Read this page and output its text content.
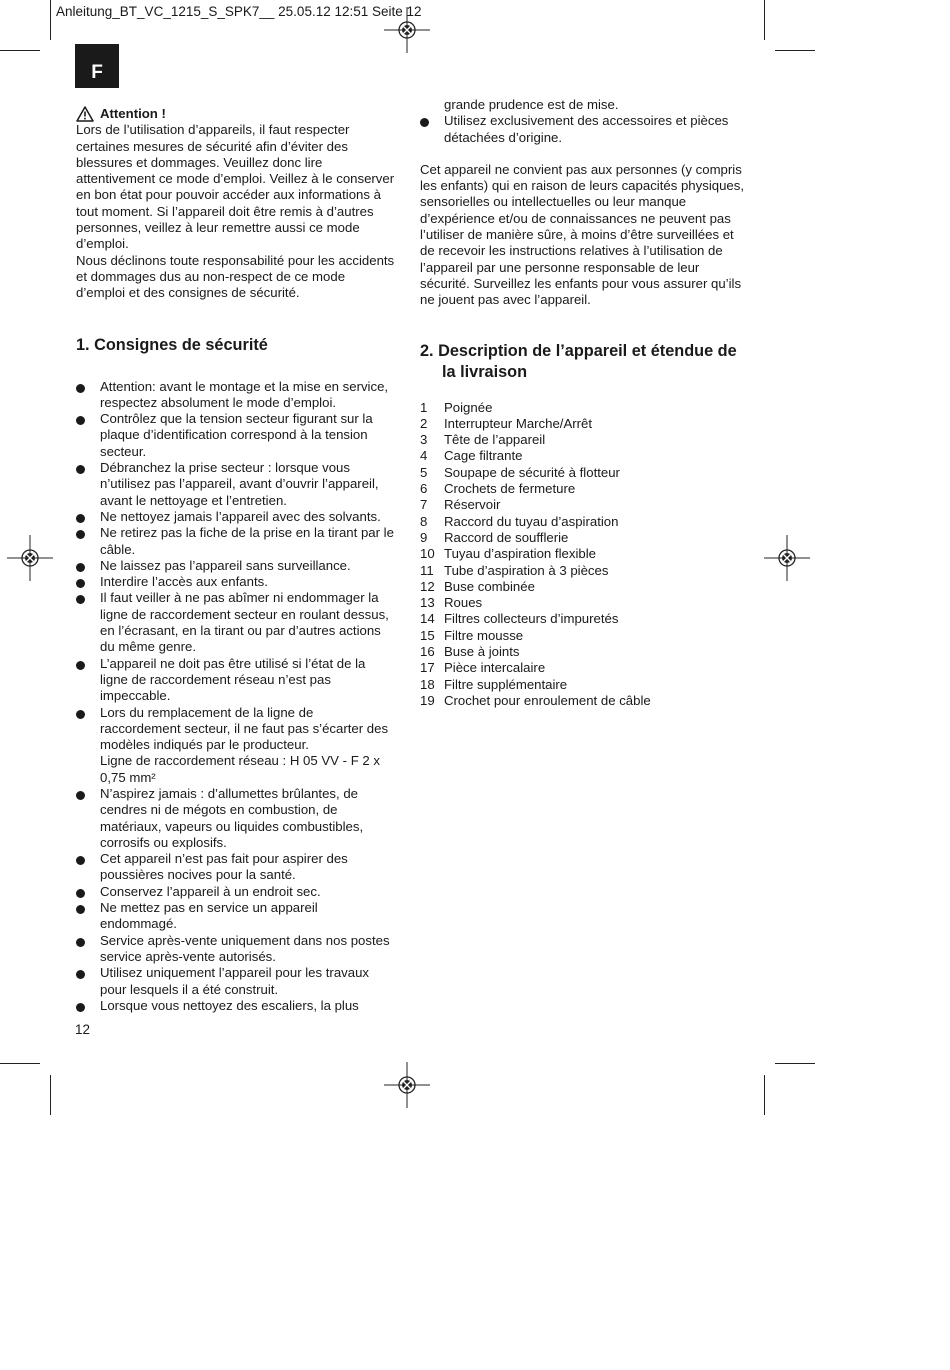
Anleitung_BT_VC_1215_S_SPK7__ 25.05.12 12:51 Seite 12
F
Attention !

Lors de l’utilisation d’appareils, il faut respecter certaines mesures de sécurité afin d’éviter des blessures et dommages. Veuillez donc lire attentivement ce mode d’emploi. Veillez à le conserver en bon état pour pouvoir accéder aux informations à tout moment. Si l’appareil doit être remis à d’autres personnes, veillez à leur remettre aussi ce mode d’emploi.

Nous déclinons toute responsabilité pour les accidents et dommages dus au non-respect de ce mode d’emploi et des consignes de sécurité.

1. Consignes de sécurité
Attention: avant le montage et la mise en service, respectez absolument le mode d’emploi.
Contrôlez que la tension secteur figurant sur la plaque d’identification correspond à la tension secteur.
Débranchez la prise secteur : lorsque vous n’utilisez pas l’appareil, avant d’ouvrir l’appareil, avant le nettoyage et l’entretien.
Ne nettoyez jamais l’appareil avec des solvants.
Ne retirez pas la fiche de la prise en la tirant par le câble.
Ne laissez pas l’appareil sans surveillance.
Interdire l’accès aux enfants.
Il faut veiller à ne pas abîmer ni endommager la ligne de raccordement secteur en roulant dessus, en l’écrasant, en la tirant ou par d’autres actions du même genre.
L’appareil ne doit pas être utilisé si l’état de la ligne de raccordement réseau n’est pas impeccable.
Lors du remplacement de la ligne de raccordement secteur, il ne faut pas s’écarter des modèles indiqués par le producteur.
Ligne de raccordement réseau : H 05 VV - F 2 x 0,75 mm²
N’aspirez jamais : d’allumettes brûlantes, de cendres ni de mégots en combustion, de matériaux, vapeurs ou liquides combustibles, corrosifs ou explosifs.
Cet appareil n’est pas fait pour aspirer des poussières nocives pour la santé.
Conservez l’appareil à un endroit sec.
Ne mettez pas en service un appareil endommagé.
Service après-vente uniquement dans nos postes service après-vente autorisés.
Utilisez uniquement l’appareil pour les travaux pour lesquels il a été construit.
Lorsque vous nettoyez des escaliers, la plus
12
grande prudence est de mise.
Utilisez exclusivement des accessoires et pièces détachées d’origine.

Cet appareil ne convient pas aux personnes (y compris les enfants) qui en raison de leurs capacités physiques, sensorielles ou intellectuelles ou leur manque d’expérience et/ou de connaissances ne peuvent pas l’utiliser de manière sûre, à moins d’être surveillées et de recevoir les instructions relatives à l’utilisation de l’appareil par une personne responsable de leur sécurité. Surveillez les enfants pour vous assurer qu’ils ne jouent pas avec l’appareil.

2. Description de l’appareil et étendue de la livraison
1	Poignée
2	Interrupteur Marche/Arrêt
3	Tête de l’appareil
4	Cage filtrante
5	Soupape de sécurité à flotteur
6	Crochets de fermeture
7	Réservoir
8	Raccord du tuyau d’aspiration
9	Raccord de soufflerie
10 Tuyau d’aspiration flexible
11 Tube d’aspiration à 3 pièces
12 Buse combinée
13 Roues
14 Filtres collecteurs d’impuretés
15 Filtre mousse
16 Buse à joints
17 Pièce intercalaire
18 Filtre supplémentaire
19 Crochet pour enroulement de câble
